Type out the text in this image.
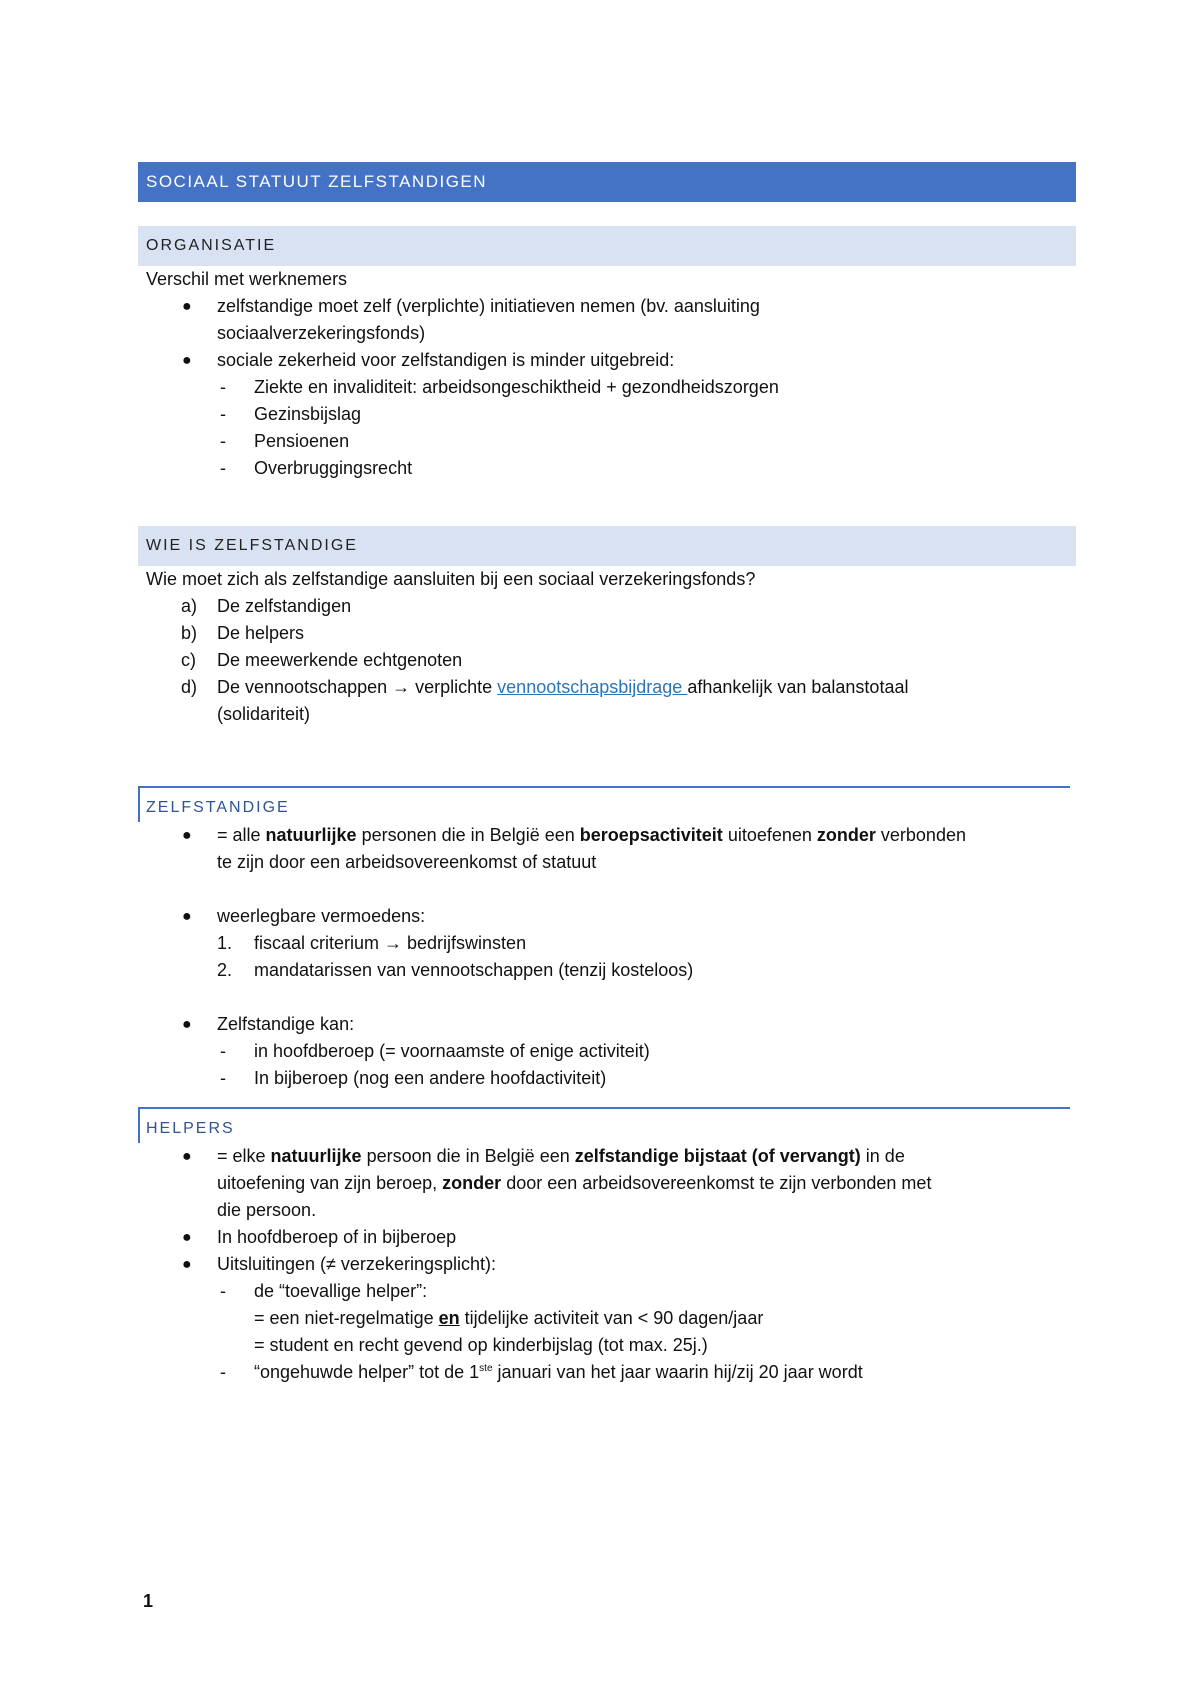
SOCIAAL STATUUT ZELFSTANDIGEN
ORGANISATIE
Verschil met werknemers
● zelfstandige moet zelf (verplichte) initiatieven nemen (bv. aansluiting
sociaalverzekeringsfonds)
● sociale zekerheid voor zelfstandigen is minder uitgebreid:
- Ziekte en invaliditeit: arbeidsongeschiktheid + gezondheidszorgen
- Gezinsbijslag
- Pensioenen
- Overbruggingsrecht
WIE IS ZELFSTANDIGE
Wie moet zich als zelfstandige aansluiten bij een sociaal verzekeringsfonds?
a) De zelfstandigen
b) De helpers
c) De meewerkende echtgenoten
d) De vennootschappen → verplichte vennootschapsbijdrage afhankelijk van balanstotaal
(solidariteit)
ZELFSTANDIGE
● = alle natuurlijke personen die in België een beroepsactiviteit uitoefenen zonder verbonden
te zijn door een arbeidsovereenkomst of statuut
● weerlegbare vermoedens:
1. fiscaal criterium → bedrijfswinsten
2. mandatarissen van vennootschappen (tenzij kosteloos)
● Zelfstandige kan:
- in hoofdberoep (= voornaamste of enige activiteit)
- In bijberoep (nog een andere hoofdactiviteit)
HELPERS
● = elke natuurlijke persoon die in België een zelfstandige bijstaat (of vervangt) in de
uitoefening van zijn beroep, zonder door een arbeidsovereenkomst te zijn verbonden met
die persoon.
● In hoofdberoep of in bijberoep
● Uitsluitingen (≠ verzekeringsplicht):
- de “toevallige helper”:
= een niet-regelmatige en tijdelijke activiteit van < 90 dagen/jaar
= student en recht gevend op kinderbijslag (tot max. 25j.)
- “ongehuwde helper” tot de 1ste januari van het jaar waarin hij/zij 20 jaar wordt
1
